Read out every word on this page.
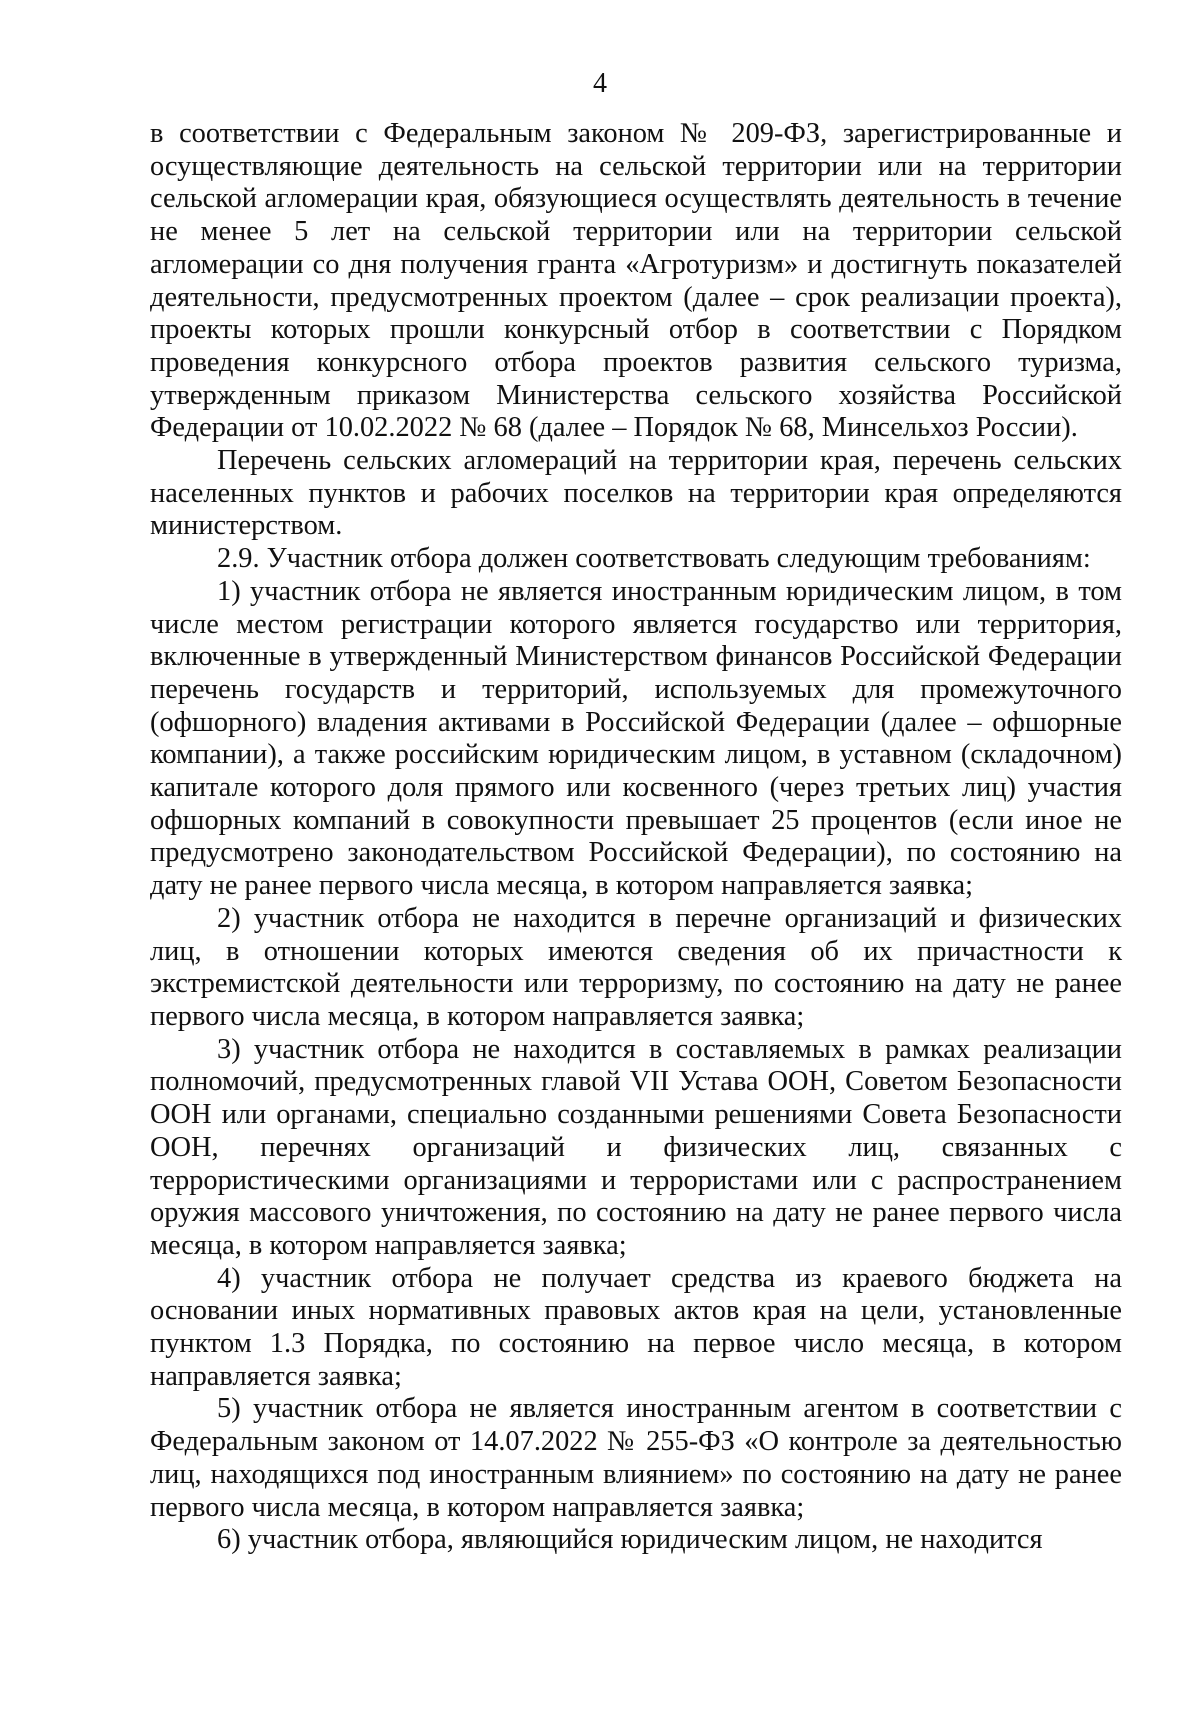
4

в соответствии с Федеральным законом № 209-ФЗ, зарегистрированные и осуществляющие деятельность на сельской территории или на территории сельской агломерации края, обязующиеся осуществлять деятельность в течение не менее 5 лет на сельской территории или на территории сельской агломерации со дня получения гранта «Агротуризм» и достигнуть показателей деятельности, предусмотренных проектом (далее – срок реализации проекта), проекты которых прошли конкурсный отбор в соответствии с Порядком проведения конкурсного отбора проектов развития сельского туризма, утвержденным приказом Министерства сельского хозяйства Российской Федерации от 10.02.2022 № 68 (далее – Порядок № 68, Минсельхоз России).

Перечень сельских агломераций на территории края, перечень сельских населенных пунктов и рабочих поселков на территории края определяются министерством.

2.9. Участник отбора должен соответствовать следующим требованиям:

1) участник отбора не является иностранным юридическим лицом, в том числе местом регистрации которого является государство или территория, включенные в утвержденный Министерством финансов Российской Федерации перечень государств и территорий, используемых для промежуточного (офшорного) владения активами в Российской Федерации (далее – офшорные компании), а также российским юридическим лицом, в уставном (складочном) капитале которого доля прямого или косвенного (через третьих лиц) участия офшорных компаний в совокупности превышает 25 процентов (если иное не предусмотрено законодательством Российской Федерации), по состоянию на дату не ранее первого числа месяца, в котором направляется заявка;

2) участник отбора не находится в перечне организаций и физических лиц, в отношении которых имеются сведения об их причастности к экстремистской деятельности или терроризму, по состоянию на дату не ранее первого числа месяца, в котором направляется заявка;

3) участник отбора не находится в составляемых в рамках реализации полномочий, предусмотренных главой VII Устава ООН, Советом Безопасности ООН или органами, специально созданными решениями Совета Безопасности ООН, перечнях организаций и физических лиц, связанных с террористическими организациями и террористами или с распространением оружия массового уничтожения, по состоянию на дату не ранее первого числа месяца, в котором направляется заявка;

4) участник отбора не получает средства из краевого бюджета на основании иных нормативных правовых актов края на цели, установленные пунктом 1.3 Порядка, по состоянию на первое число месяца, в котором направляется заявка;

5) участник отбора не является иностранным агентом в соответствии с Федеральным законом от 14.07.2022 № 255-ФЗ «О контроле за деятельностью лиц, находящихся под иностранным влиянием» по состоянию на дату не ранее первого числа месяца, в котором направляется заявка;

6) участник отбора, являющийся юридическим лицом, не находится
